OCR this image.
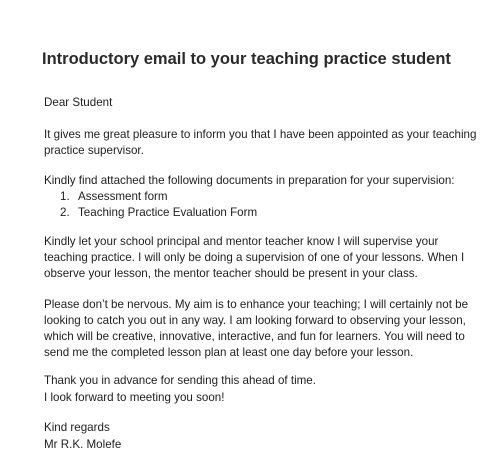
Introductory email to your teaching practice student
Dear Student
It gives me great pleasure to inform you that I have been appointed as your teaching
practice supervisor.
Kindly find attached the following documents in preparation for your supervision:
1. Assessment form
2. Teaching Practice Evaluation Form
Kindly let your school principal and mentor teacher know I will supervise your
teaching practice. I will only be doing a supervision of one of your lessons. When I
observe your lesson, the mentor teacher should be present in your class.
Please don’t be nervous. My aim is to enhance your teaching; I will certainly not be
looking to catch you out in any way. I am looking forward to observing your lesson,
which will be creative, innovative, interactive, and fun for learners. You will need to
send me the completed lesson plan at least one day before your lesson.
Thank you in advance for sending this ahead of time.
I look forward to meeting you soon!
Kind regards
Mr R.K. Molefe
